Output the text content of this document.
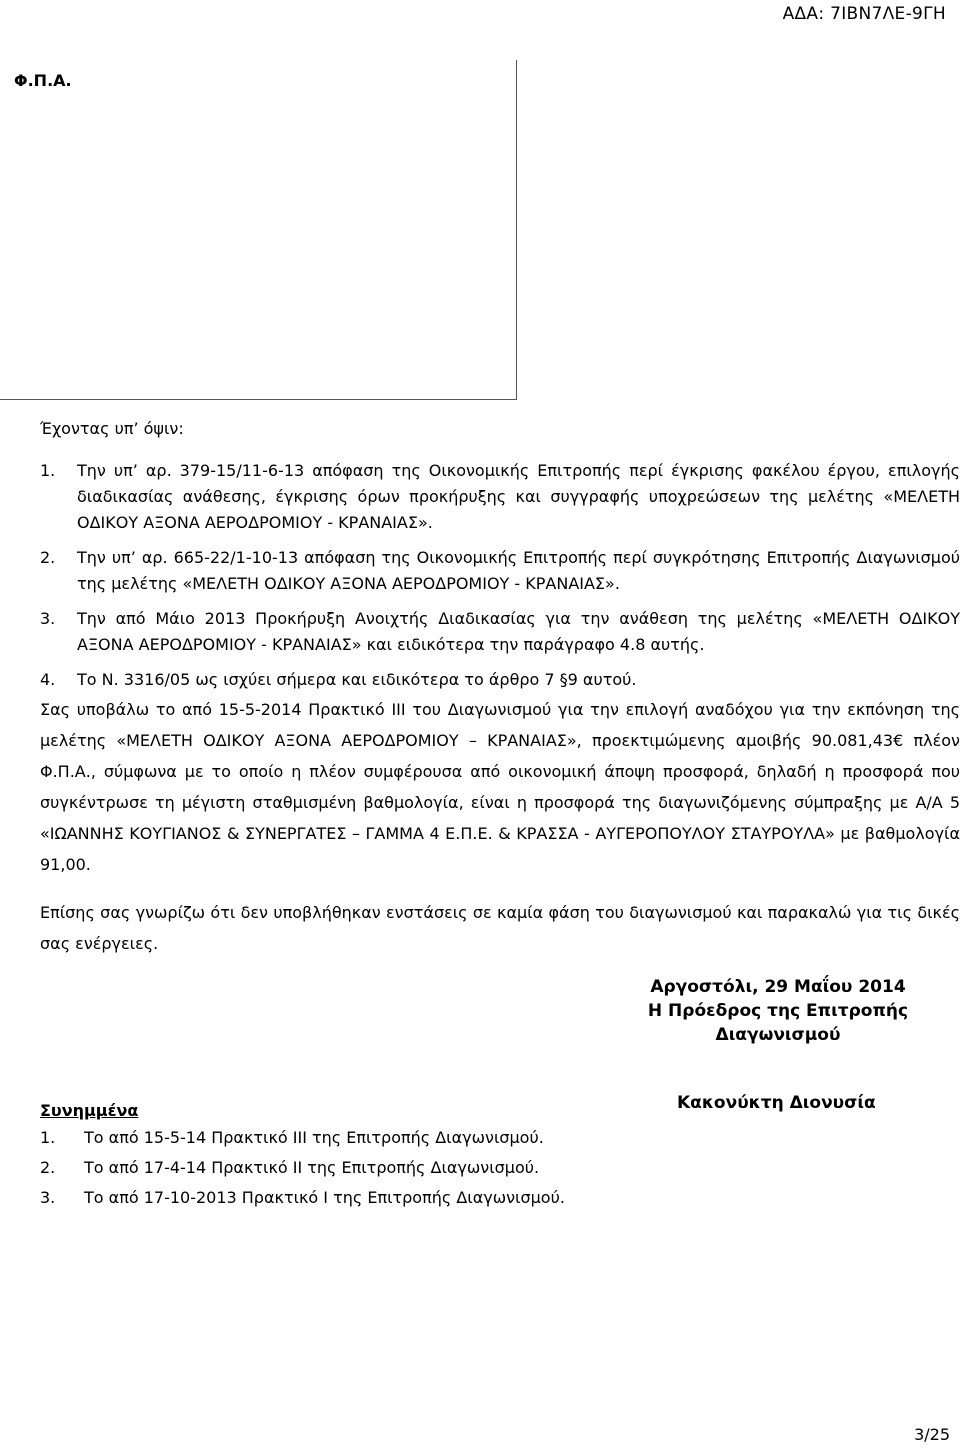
ΑΔΑ: 7ΙΒΝ7ΛΕ-9ΓΗ
Φ.Π.Α.
Έχοντας υπ’ όψιν:
1. Την υπ’ αρ. 379-15/11-6-13 απόφαση της Οικονομικής Επιτροπής περί έγκρισης φακέλου έργου, επιλογής διαδικασίας ανάθεσης, έγκρισης όρων προκήρυξης και συγγραφής υποχρεώσεων της μελέτης «ΜΕΛΕΤΗ ΟΔΙΚΟΥ ΑΞΟΝΑ ΑΕΡΟΔΡΟΜΙΟΥ - ΚΡΑΝΑΙΑΣ».
2. Την υπ’ αρ. 665-22/1-10-13 απόφαση της Οικονομικής Επιτροπής περί συγκρότησης Επιτροπής Διαγωνισμού της μελέτης «ΜΕΛΕΤΗ ΟΔΙΚΟΥ ΑΞΟΝΑ ΑΕΡΟΔΡΟΜΙΟΥ - ΚΡΑΝΑΙΑΣ».
3. Την από Μάιο 2013 Προκήρυξη Ανοιχτής Διαδικασίας για την ανάθεση της μελέτης «ΜΕΛΕΤΗ ΟΔΙΚΟΥ ΑΞΟΝΑ ΑΕΡΟΔΡΟΜΙΟΥ - ΚΡΑΝΑΙΑΣ» και ειδικότερα την παράγραφο 4.8 αυτής.
4. Το Ν. 3316/05 ως ισχύει σήμερα και ειδικότερα το άρθρο 7 §9 αυτού.

Σας υποβάλω το από 15-5-2014 Πρακτικό ΙΙΙ του Διαγωνισμού για την επιλογή αναδόχου για την εκπόνηση της μελέτης «ΜΕΛΕΤΗ ΟΔΙΚΟΥ ΑΞΟΝΑ ΑΕΡΟΔΡΟΜΙΟΥ – ΚΡΑΝΑΙΑΣ», προεκτιμώμενης αμοιβής 90.081,43€ πλέον Φ.Π.Α., σύμφωνα με το οποίο η πλέον συμφέρουσα από οικονομική άποψη προσφορά, δηλαδή η προσφορά που συγκέντρωσε τη μέγιστη σταθμισμένη βαθμολογία, είναι η προσφορά της διαγωνιζόμενης σύμπραξης με Α/Α 5 «ΙΩΑΝΝΗΣ ΚΟΥΓΙΑΝΟΣ & ΣΥΝΕΡΓΑΤΕΣ – ΓΑΜΜΑ 4 Ε.Π.Ε. & ΚΡΑΣΣΑ - ΑΥΓΕΡΟΠΟΥΛΟΥ ΣΤΑΥΡΟΥΛΑ» με βαθμολογία 91,00.

Επίσης σας γνωρίζω ότι δεν υποβλήθηκαν ενστάσεις σε καμία φάση του διαγωνισμού και παρακαλώ για τις δικές σας ενέργειες.

Αργοστόλι, 29 Μαΐου 2014
Η Πρόεδρος της Επιτροπής Διαγωνισμού
Κακονύκτη Διονυσία
Συνημμένα
1. Το από 15-5-14 Πρακτικό ΙΙΙ της Επιτροπής Διαγωνισμού.
2. Το από 17-4-14 Πρακτικό ΙΙ της Επιτροπής Διαγωνισμού.
3. Το από 17-10-2013 Πρακτικό Ι της Επιτροπής Διαγωνισμού.
3/25
